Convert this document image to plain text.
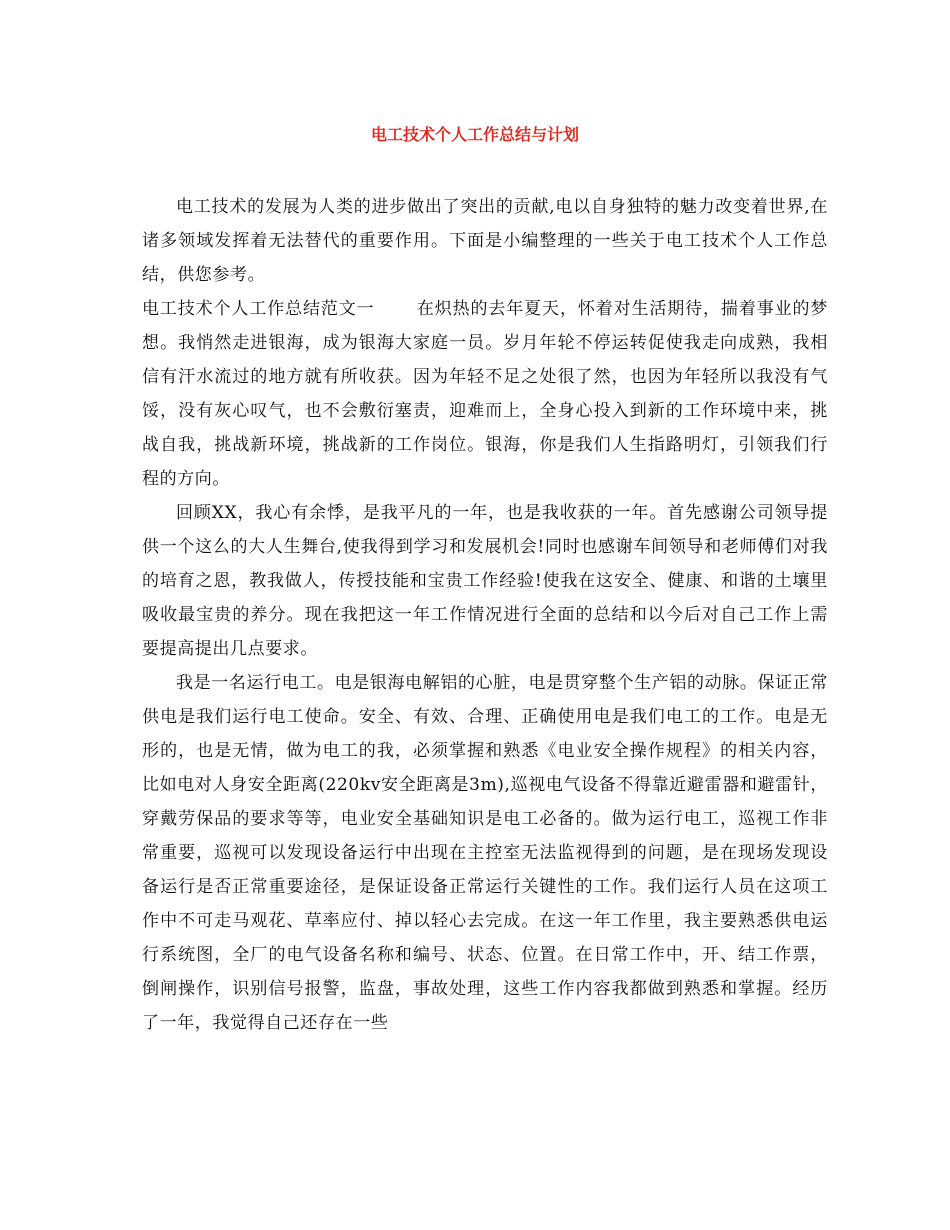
电工技术个人工作总结与计划

电工技术的发展为人类的进步做出了突出的贡献,电以自身独特的魅力改变着世界,在诸多领域发挥着无法替代的重要作用。下面是小编整理的一些关于电工技术个人工作总结，供您参考。

电工技术个人工作总结范文一 在炽热的去年夏天，怀着对生活期待，揣着事业的梦想。我悄然走进银海，成为银海大家庭一员。岁月年轮不停运转促使我走向成熟，我相信有汗水流过的地方就有所收获。因为年轻不足之处很了然，也因为年轻所以我没有气馁，没有灰心叹气，也不会敷衍塞责，迎难而上，全身心投入到新的工作环境中来，挑战自我，挑战新环境，挑战新的工作岗位。银海，你是我们人生指路明灯，引领我们行程的方向。

回顾XX，我心有余悸，是我平凡的一年，也是我收获的一年。首先感谢公司领导提供一个这么的大人生舞台,使我得到学习和发展机会!同时也感谢车间领导和老师傅们对我的培育之恩，教我做人，传授技能和宝贵工作经验!使我在这安全、健康、和谐的土壤里吸收最宝贵的养分。现在我把这一年工作情况进行全面的总结和以今后对自己工作上需要提高提出几点要求。

我是一名运行电工。电是银海电解铝的心脏，电是贯穿整个生产铝的动脉。保证正常供电是我们运行电工使命。安全、有效、合理、正确使用电是我们电工的工作。电是无形的，也是无情，做为电工的我，必须掌握和熟悉《电业安全操作规程》的相关内容，比如电对人身安全距离(220kv安全距离是3m),巡视电气设备不得靠近避雷器和避雷针，穿戴劳保品的要求等等，电业安全基础知识是电工必备的。做为运行电工，巡视工作非常重要，巡视可以发现设备运行中出现在主控室无法监视得到的问题，是在现场发现设备运行是否正常重要途径，是保证设备正常运行关键性的工作。我们运行人员在这项工作中不可走马观花、草率应付、掉以轻心去完成。在这一年工作里，我主要熟悉供电运行系统图，全厂的电气设备名称和编号、状态、位置。在日常工作中，开、结工作票，倒闸操作，识别信号报警，监盘，事故处理，这些工作内容我都做到熟悉和掌握。经历了一年，我觉得自己还存在一些
